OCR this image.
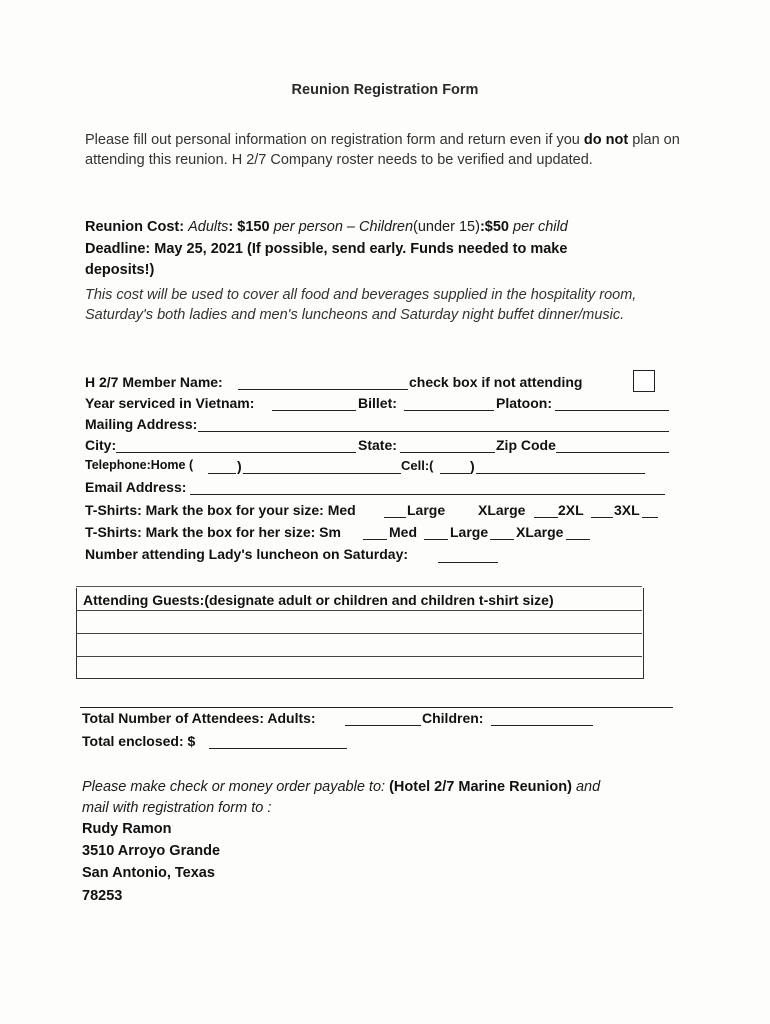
Reunion Registration Form
Please fill out personal information on registration form and return even if you do not plan on attending this reunion. H 2/7 Company roster needs to be verified and updated.
Reunion Cost: Adults: $150 per person – Children(under 15):$50 per child
Deadline: May 25, 2021 (If possible, send early. Funds needed to make
deposits!)
This cost will be used to cover all food and beverages supplied in the hospitality room, Saturday's both ladies and men's luncheons and Saturday night buffet dinner/music.
H 2/7 Member Name:	check box if not attending
Year serviced in Vietnam:	Billet:	Platoon:
Mailing Address:
City:	State:	Zip Code
Telephone:Home (	)	Cell:(	)
Email Address:
T-Shirts: Mark the box for your size: Med	Large XLarge 2XL 3XL
T-Shirts: Mark the box for her size: Sm	Med Large XLarge
Number attending Lady's luncheon on Saturday:
Attending Guests:(designate adult or children and children t-shirt size)
Total Number of Attendees: Adults:	Children:
Total enclosed: $
Please make check or money order payable to: (Hotel 2/7 Marine Reunion) and
mail with registration form to :
Rudy Ramon
3510 Arroyo Grande
San Antonio, Texas
78253
